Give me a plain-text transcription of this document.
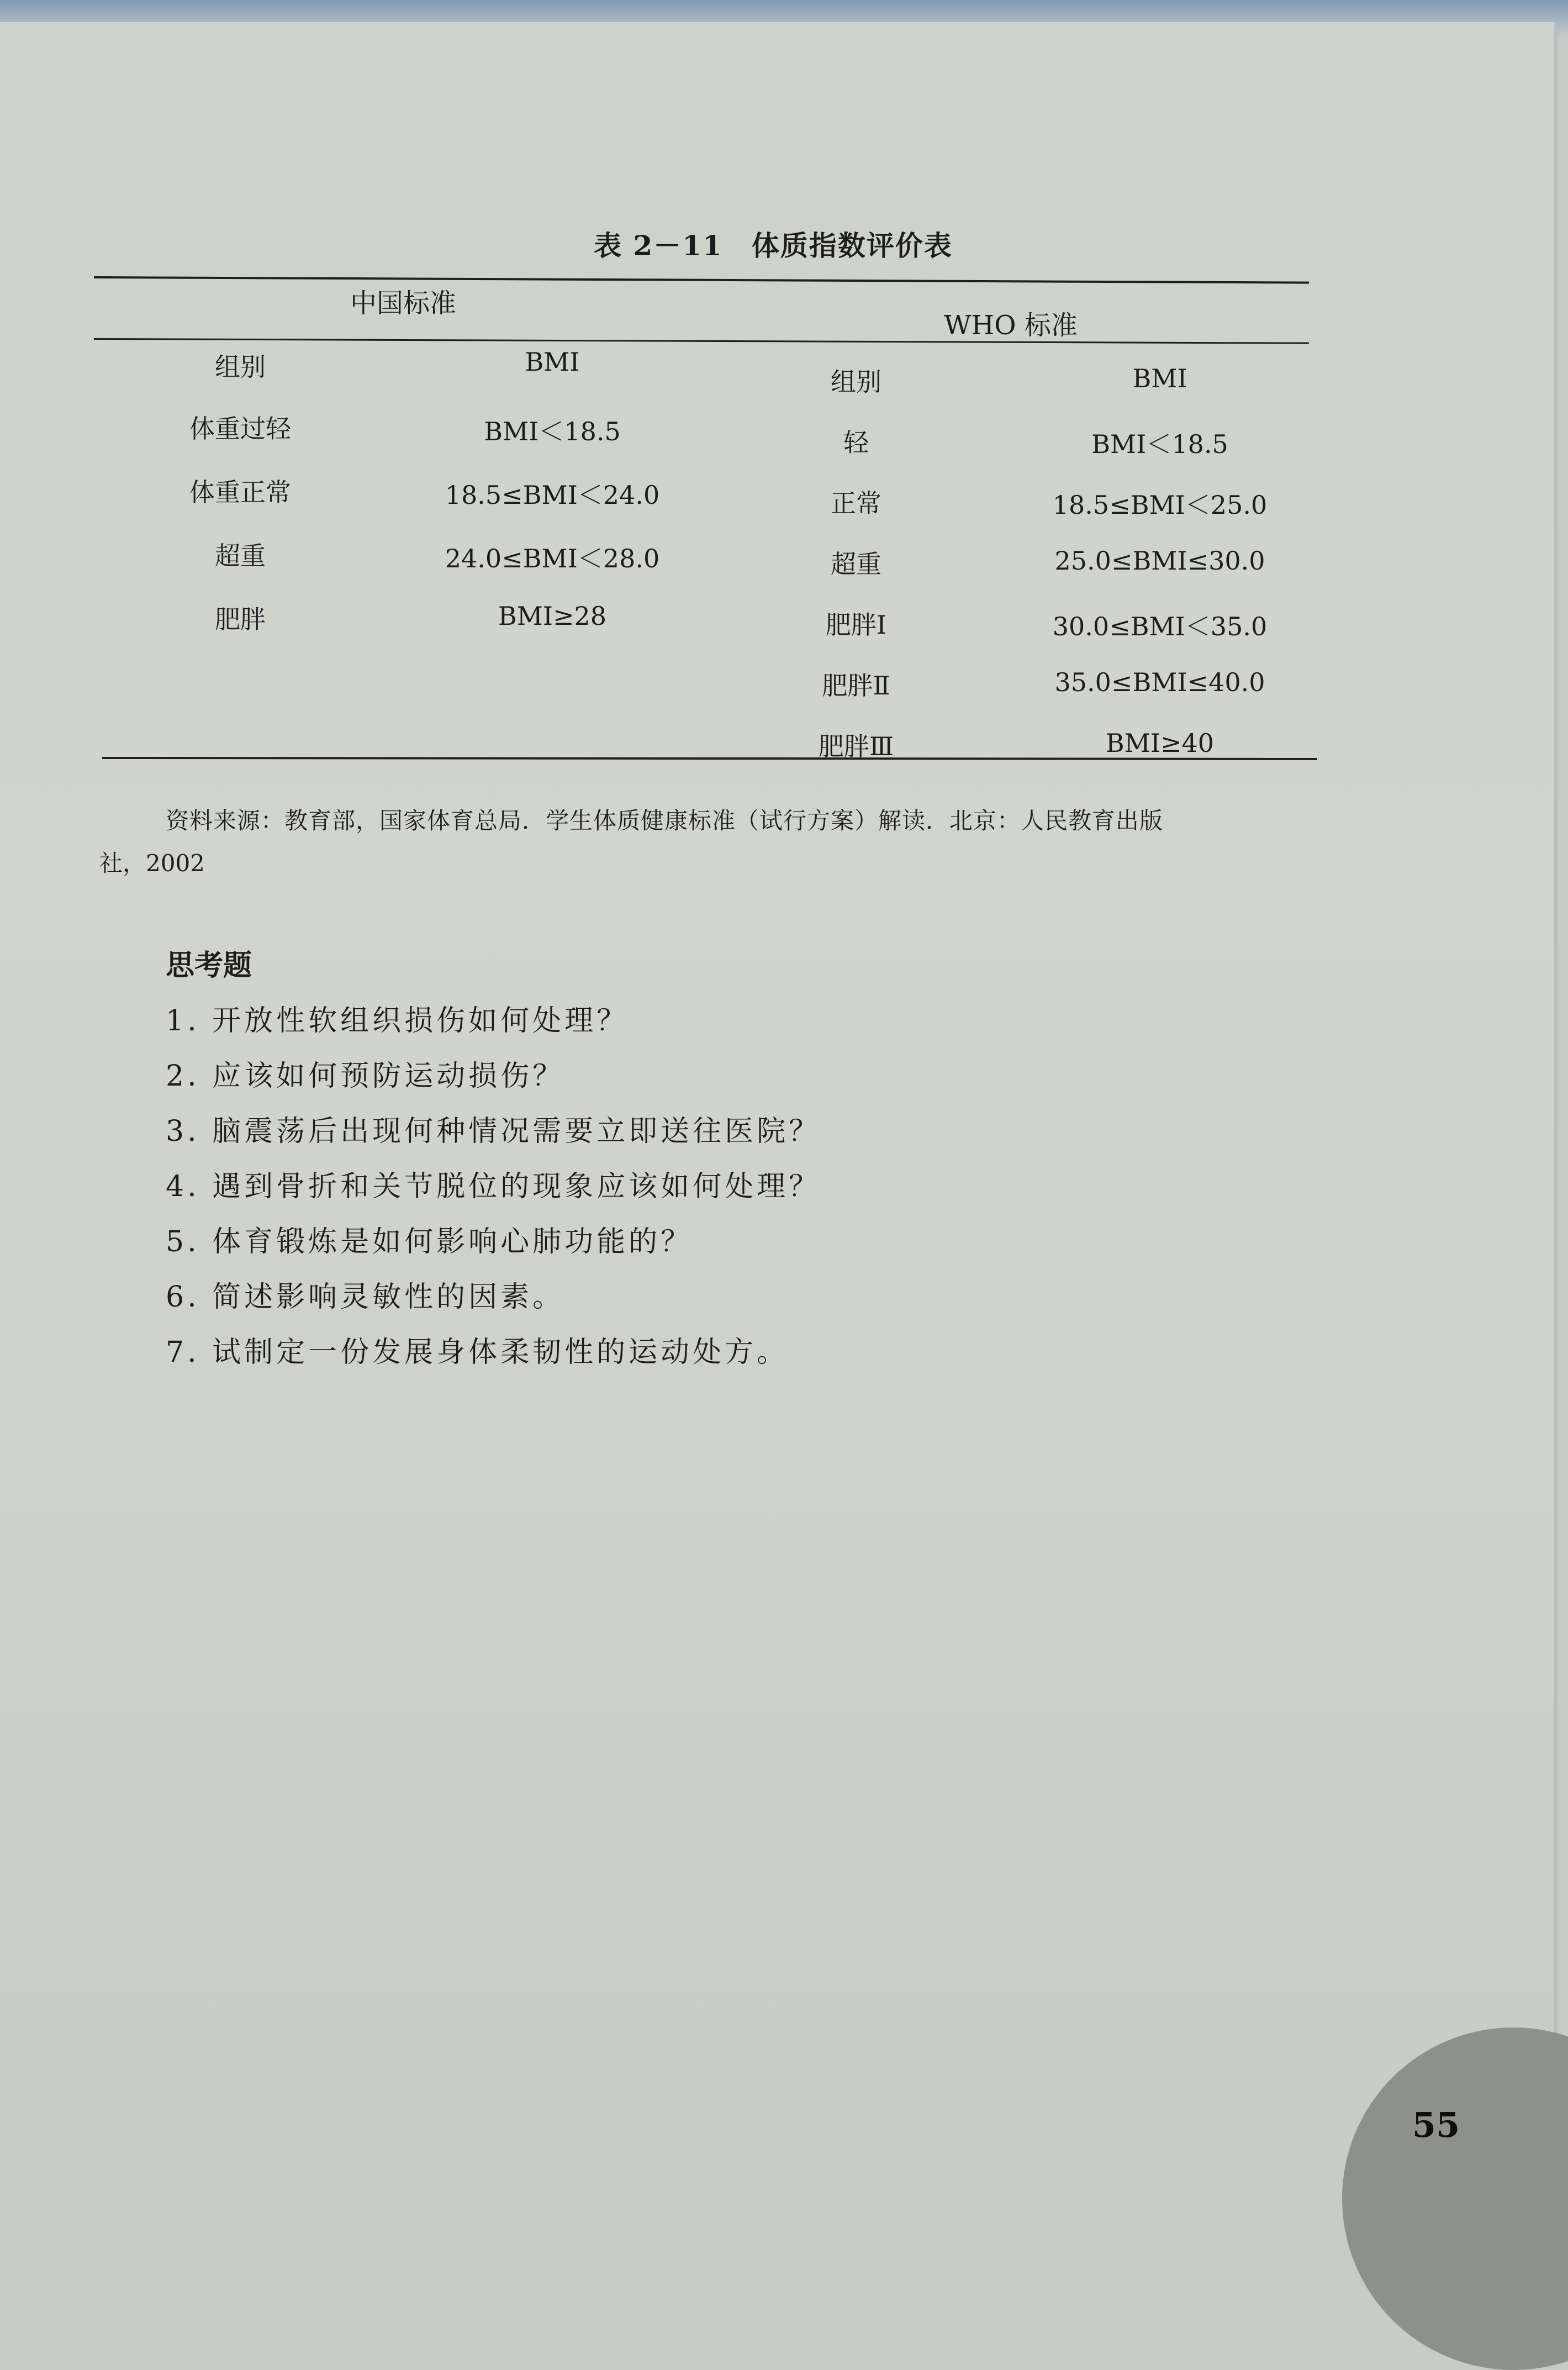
表 2－11　体质指数评价表
中国标准
WHO 标准
组别	BMI
体重过轻	BMI＜18.5
体重正常	18.5≤BMI＜24.0
超重	24.0≤BMI＜28.0
肥胖	BMI≥28
组别	BMI
轻	BMI＜18.5
正常	18.5≤BMI＜25.0
超重	25.0≤BMI≤30.0
肥胖Ⅰ	30.0≤BMI＜35.0
肥胖Ⅱ	35.0≤BMI≤40.0
肥胖Ⅲ	BMI≥40
资料来源：教育部，国家体育总局．学生体质健康标准（试行方案）解读．北京：人民教育出版
社，2002
思考题
1. 开放性软组织损伤如何处理？
2. 应该如何预防运动损伤？
3. 脑震荡后出现何种情况需要立即送往医院？
4. 遇到骨折和关节脱位的现象应该如何处理？
5. 体育锻炼是如何影响心肺功能的？
6. 简述影响灵敏性的因素。
7. 试制定一份发展身体柔韧性的运动处方。
55
